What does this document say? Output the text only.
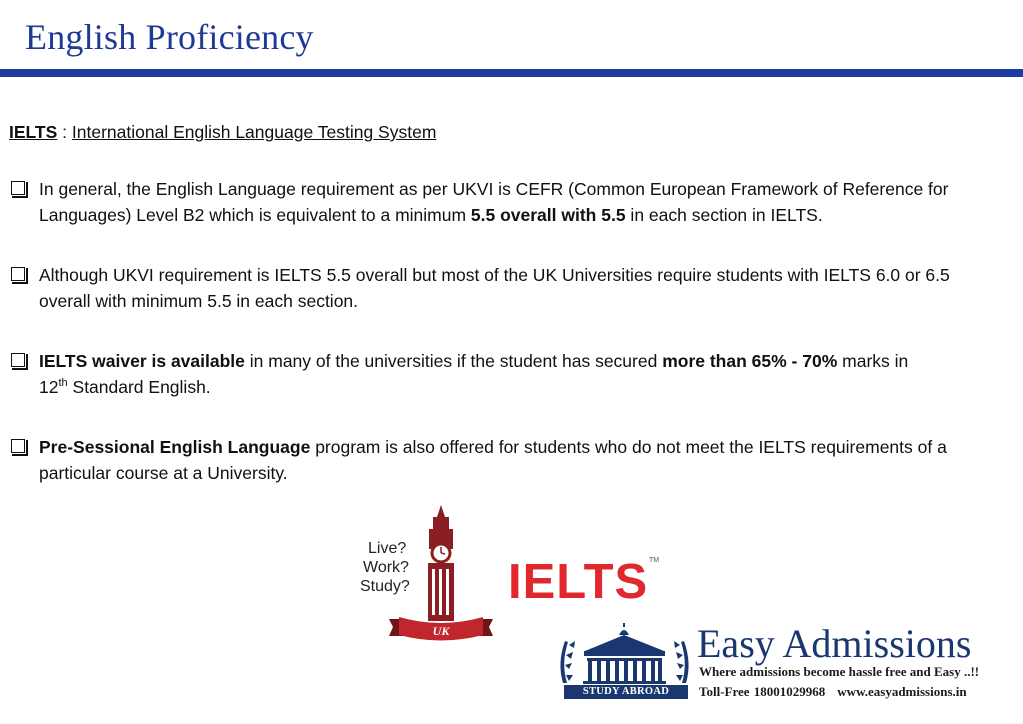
English Proficiency
IELTS : International English Language Testing System
In general, the English Language requirement as per UKVI is CEFR (Common European Framework of Reference for Languages) Level B2 which is equivalent to a minimum 5.5 overall with 5.5 in each section in IELTS.
Although UKVI requirement is IELTS 5.5 overall but most of the UK Universities require students with IELTS 6.0 or 6.5 overall with minimum 5.5 in each section.
IELTS waiver is available in many of the universities if the student has secured more than 65% - 70% marks in
12th Standard English.
Pre-Sessional English Language program is also offered for students who do not meet the IELTS requirements of a particular course at a University.
Live?
Work?
Study?
UK
IELTS TM
STUDY ABROAD
Easy Admissions
Where admissions become hassle free and Easy ..!!
Toll-Free 18001029968 www.easyadmissions.in
